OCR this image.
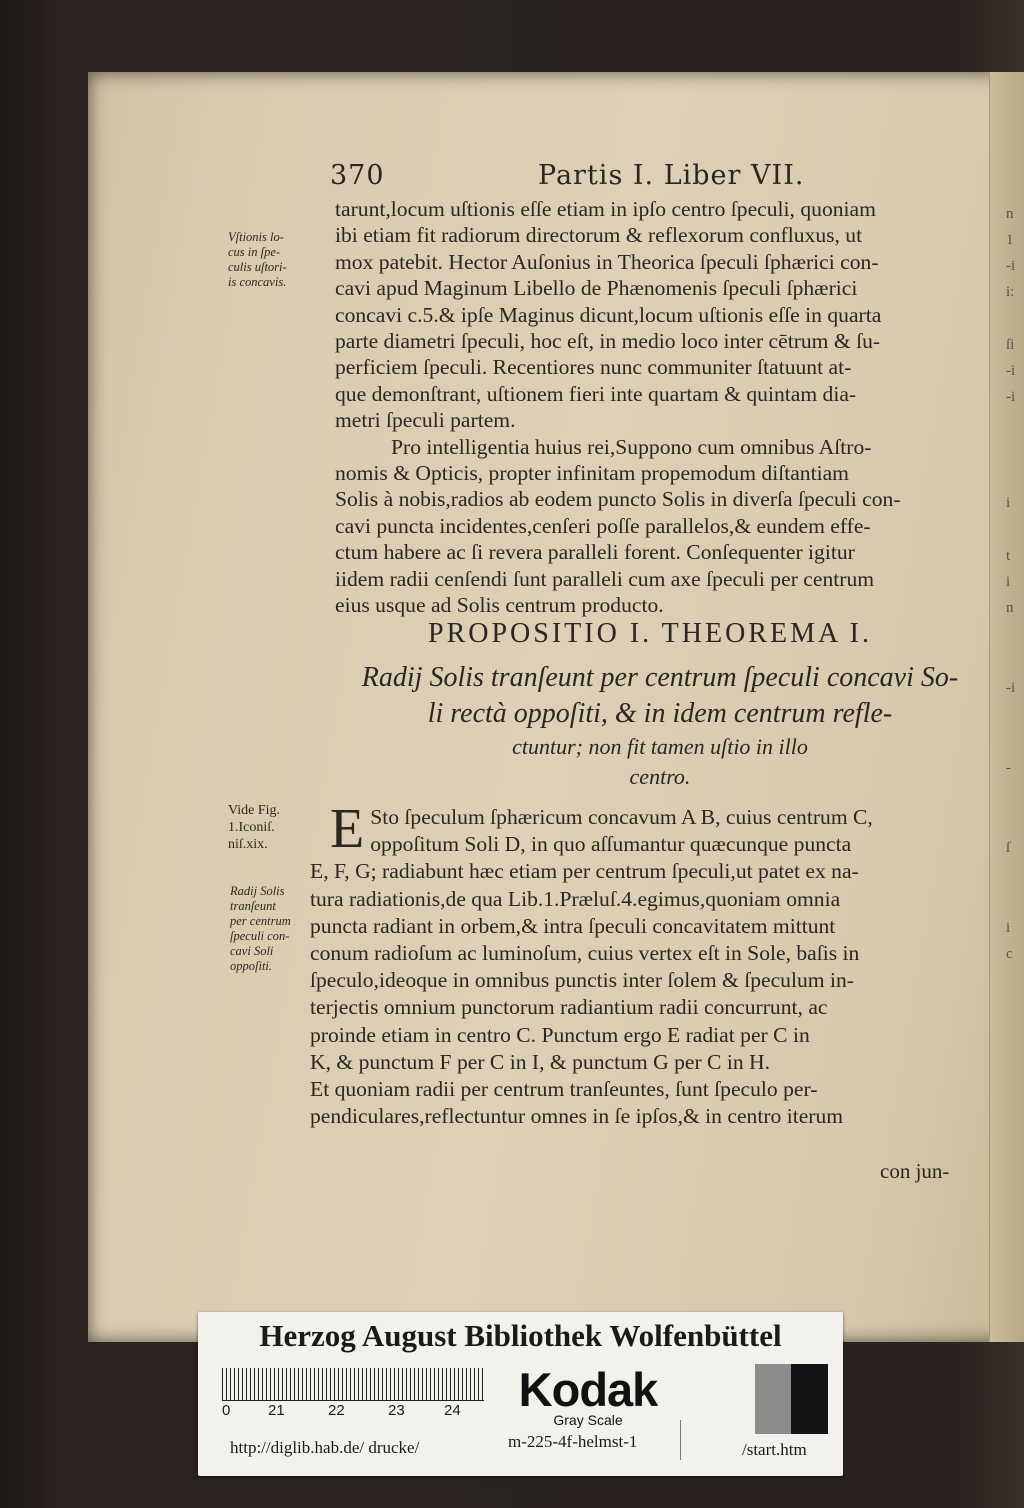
370	Partis I. Liber VII.
Vſtionis lo-
cus in ſpe-
culis uſtori-
is concavis.

tarunt,locum uſtionis eſſe etiam in ipſo centro ſpeculi, quoniam
ibi etiam fit radiorum directorum & reflexorum confluxus, ut
mox patebit. Hector Auſonius in Theorica ſpeculi ſphærici con-
cavi apud Maginum Libello de Phænomenis ſpeculi ſphærici
concavi c.5.& ipſe Maginus dicunt,locum uſtionis eſſe in quarta
parte diametri ſpeculi, hoc eſt, in medio loco inter cētrum & ſu-
perficiem ſpeculi. Recentiores nunc communiter ſtatuunt at-
que demonſtrant, uſtionem fieri inte quartam & quintam dia-
metri ſpeculi partem.

Pro intelligentia huius rei,Suppono cum omnibus Aſtro-
nomis & Opticis, propter infinitam propemodum diſtantiam
Solis à nobis,radios ab eodem puncto Solis in diverſa ſpeculi con-
cavi puncta incidentes,cenſeri poſſe parallelos,& eundem effe-
ctum habere ac ſi revera paralleli forent. Conſequenter igitur
iidem radii cenſendi ſunt paralleli cum axe ſpeculi per centrum
eius usque ad Solis centrum producto.

PROPOSITIO I. THEOREMA I.
Radij Solis tranſeunt per centrum ſpeculi concavi So-
li rectà oppoſiti, & in idem centrum refle-
ctuntur; non fit tamen uſtio in illo
centro.
Vide Fig.
1.Iconiſ.
niſ.xix.
Radij Solis
tranſeunt
per centrum
ſpeculi con-
cavi Soli
oppoſiti.
E Sto ſpeculum ſphæricum concavum A B, cuius centrum C,
oppoſitum Soli D, in quo aſſumantur quæcunque puncta
E, F, G; radiabunt hæc etiam per centrum ſpeculi,ut patet ex na-
tura radiationis,de qua Lib.1.Præluſ.4.egimus,quoniam omnia
puncta radiant in orbem,& intra ſpeculi concavitatem mittunt
conum radioſum ac luminoſum, cuius vertex eſt in Sole, baſis in
ſpeculo,ideoque in omnibus punctis inter ſolem & ſpeculum in-
terjectis omnium punctorum radiantium radii concurrunt, ac
proinde etiam in centro C. Punctum ergo E radiat per C in
K, & punctum F per C in I, & punctum G per C in H.
Et quoniam radii per centrum tranſeuntes, ſunt ſpeculo per-
pendiculares,reflectuntur omnes in ſe ipſos,& in centro iterum
con jun-
n
1
-i
i:
ſi
-i
-i
i
t
i
n
-i
-
ſ
i
c
Herzog August Bibliothek Wolfenbüttel
0	21	22	23	24	Kodak
Gray Scale
http://diglib.hab.de/ drucke/	m-225-4f-helmst-1	/start.htm
